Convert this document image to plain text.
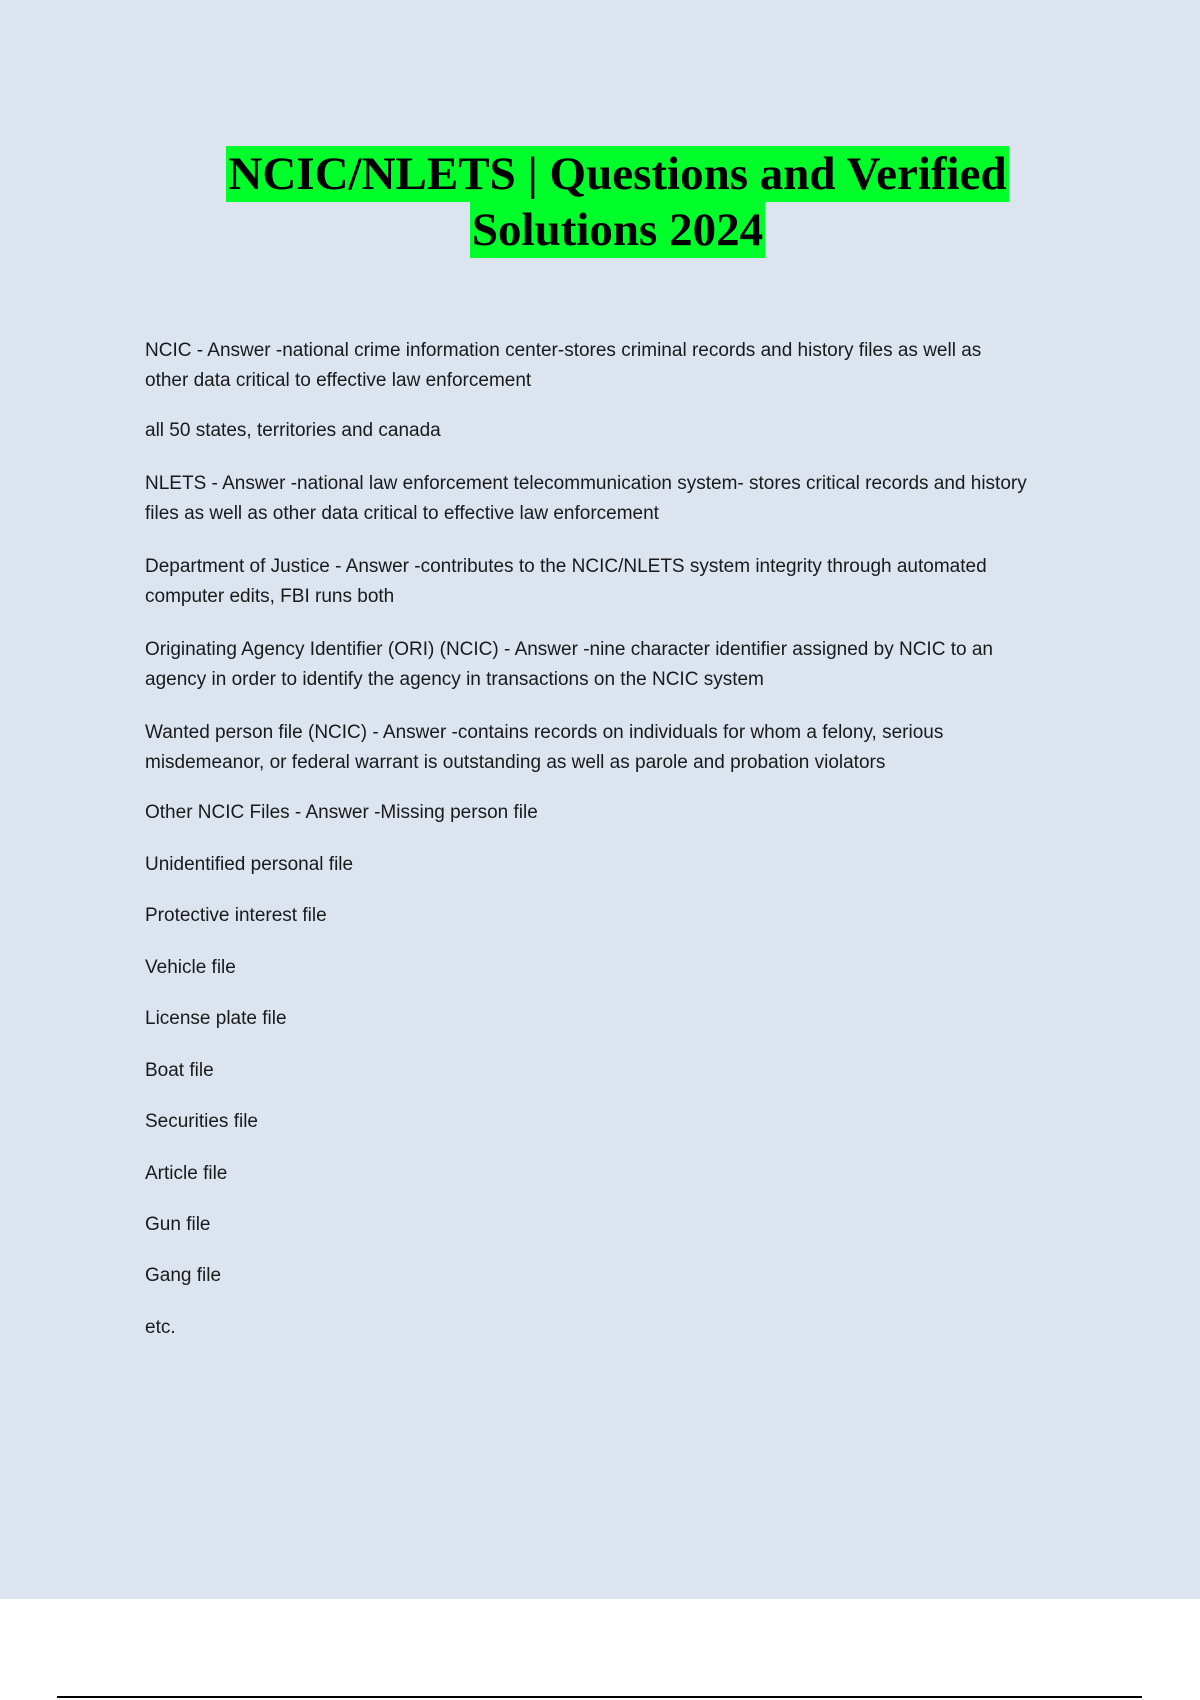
NCIC/NLETS | Questions and Verified
Solutions 2024

NCIC - Answer -national crime information center-stores criminal records and history files as well as
other data critical to effective law enforcement

all 50 states, territories and canada

NLETS - Answer -national law enforcement telecommunication system- stores critical records and history
files as well as other data critical to effective law enforcement

Department of Justice - Answer -contributes to the NCIC/NLETS system integrity through automated
computer edits, FBI runs both

Originating Agency Identifier (ORI) (NCIC) - Answer -nine character identifier assigned by NCIC to an
agency in order to identify the agency in transactions on the NCIC system

Wanted person file (NCIC) - Answer -contains records on individuals for whom a felony, serious
misdemeanor, or federal warrant is outstanding as well as parole and probation violators

Other NCIC Files - Answer -Missing person file

Unidentified personal file

Protective interest file

Vehicle file

License plate file

Boat file

Securities file

Article file

Gun file

Gang file

etc.
